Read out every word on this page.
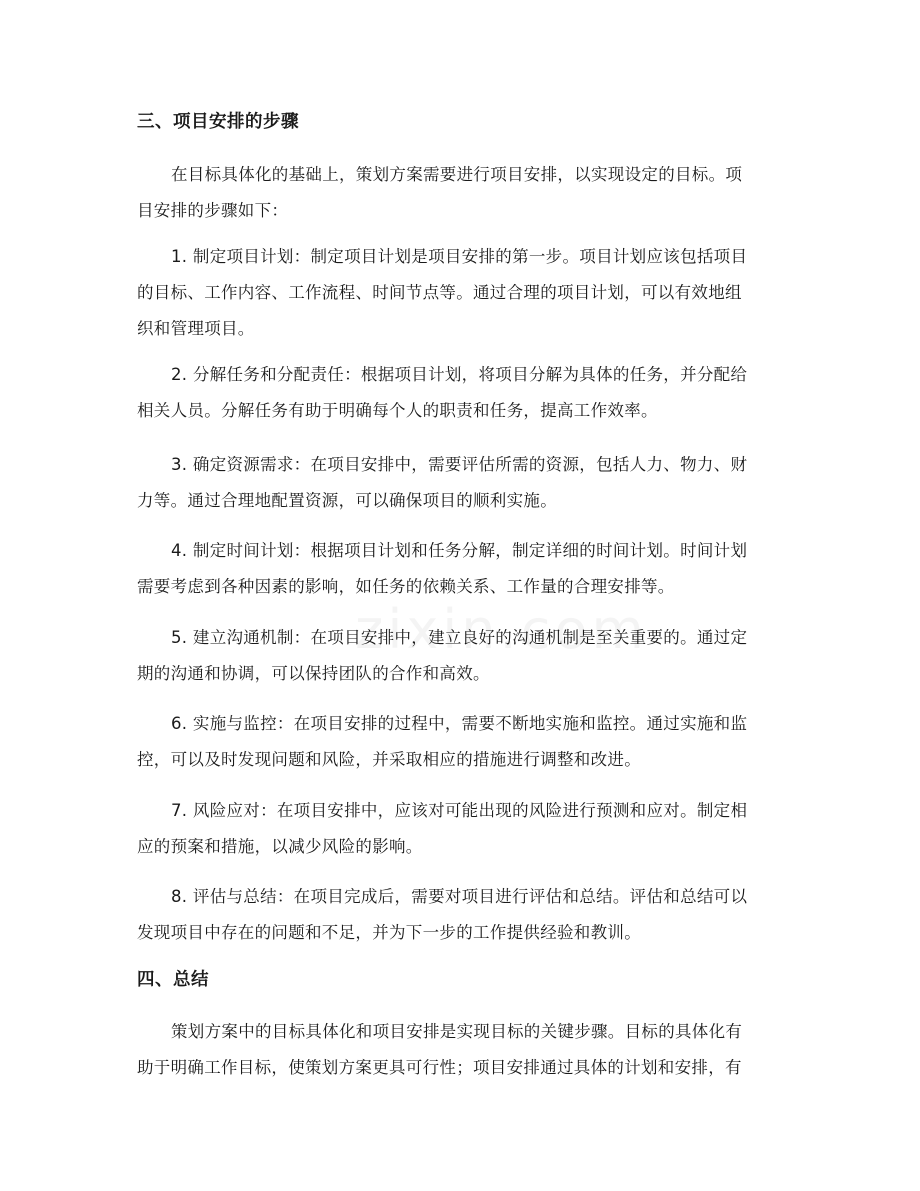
三、项目安排的步骤

在目标具体化的基础上，策划方案需要进行项目安排，以实现设定的目标。项
目安排的步骤如下：

1. 制定项目计划：制定项目计划是项目安排的第一步。项目计划应该包括项目
的目标、工作内容、工作流程、时间节点等。通过合理的项目计划，可以有效地组
织和管理项目。

2. 分解任务和分配责任：根据项目计划，将项目分解为具体的任务，并分配给
相关人员。分解任务有助于明确每个人的职责和任务，提高工作效率。

3. 确定资源需求：在项目安排中，需要评估所需的资源，包括人力、物力、财
力等。通过合理地配置资源，可以确保项目的顺利实施。

4. 制定时间计划：根据项目计划和任务分解，制定详细的时间计划。时间计划
需要考虑到各种因素的影响，如任务的依赖关系、工作量的合理安排等。

5. 建立沟通机制：在项目安排中，建立良好的沟通机制是至关重要的。通过定
期的沟通和协调，可以保持团队的合作和高效。

6. 实施与监控：在项目安排的过程中，需要不断地实施和监控。通过实施和监
控，可以及时发现问题和风险，并采取相应的措施进行调整和改进。

7. 风险应对：在项目安排中，应该对可能出现的风险进行预测和应对。制定相
应的预案和措施，以减少风险的影响。

8. 评估与总结：在项目完成后，需要对项目进行评估和总结。评估和总结可以
发现项目中存在的问题和不足，并为下一步的工作提供经验和教训。

四、总结

策划方案中的目标具体化和项目安排是实现目标的关键步骤。目标的具体化有
助于明确工作目标，使策划方案更具可行性；项目安排通过具体的计划和安排，有
